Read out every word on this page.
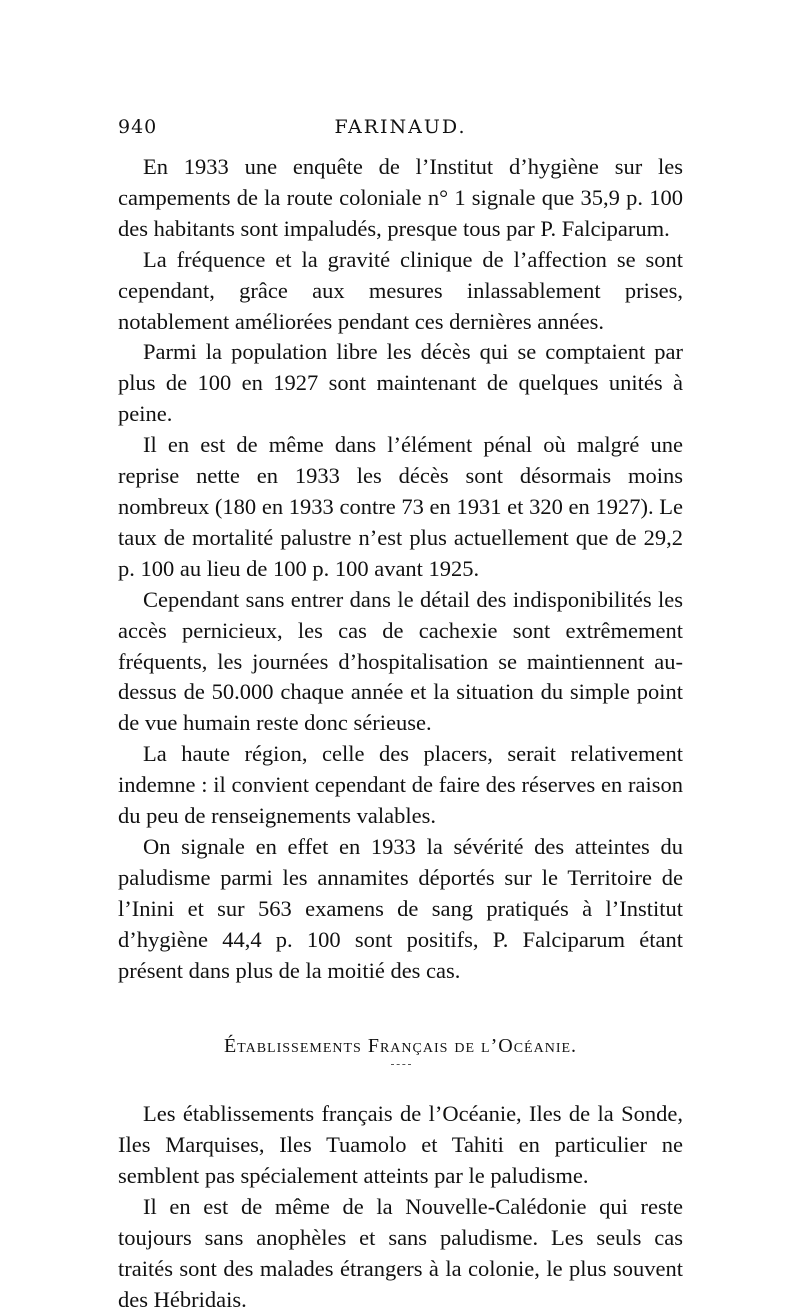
940	FARINAUD.

En 1933 une enquête de l’Institut d’hygiène sur les campements de la route coloniale n° 1 signale que 35,9 p. 100 des habitants sont impaludés, presque tous par P. Falciparum.

La fréquence et la gravité clinique de l’affection se sont cependant, grâce aux mesures inlassablement prises, notablement améliorées pendant ces dernières années.

Parmi la population libre les décès qui se comptaient par plus de 100 en 1927 sont maintenant de quelques unités à peine.

Il en est de même dans l’élément pénal où malgré une reprise nette en 1933 les décès sont désormais moins nombreux (180 en 1933 contre 73 en 1931 et 320 en 1927). Le taux de mortalité palustre n’est plus actuellement que de 29,2 p. 100 au lieu de 100 p. 100 avant 1925.

Cependant sans entrer dans le détail des indisponibilités les accès pernicieux, les cas de cachexie sont extrêmement fréquents, les journées d’hospitalisation se maintiennent au-dessus de 50.000 chaque année et la situation du simple point de vue humain reste donc sérieuse.

La haute région, celle des placers, serait relativement indemne : il convient cependant de faire des réserves en raison du peu de renseignements valables.

On signale en effet en 1933 la sévérité des atteintes du paludisme parmi les annamites déportés sur le Territoire de l’Inini et sur 563 examens de sang pratiqués à l’Institut d’hygiène 44,4 p. 100 sont positifs, P. Falciparum étant présent dans plus de la moitié des cas.

Établissements Français de l’Océanie.

Les établissements français de l’Océanie, Iles de la Sonde, Iles Marquises, Iles Tuamolo et Tahiti en particulier ne semblent pas spécialement atteints par le paludisme.

Il en est de même de la Nouvelle-Calédonie qui reste toujours sans anophèles et sans paludisme. Les seuls cas traités sont des malades étrangers à la colonie, le plus souvent des Hébridais.
